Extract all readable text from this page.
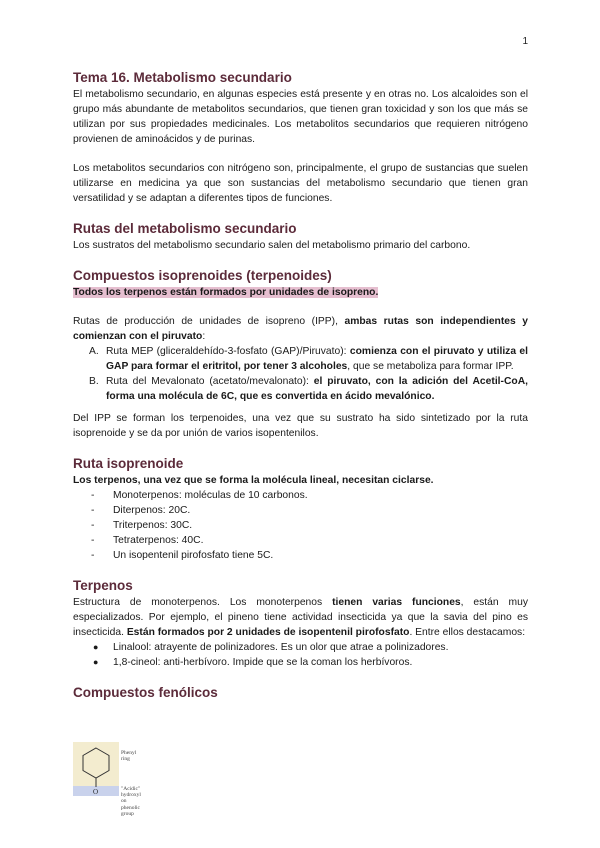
1
Tema 16. Metabolismo secundario

El metabolismo secundario, en algunas especies está presente y en otras no. Los alcaloides son el grupo más abundante de metabolitos secundarios, que tienen gran toxicidad y son los que más se utilizan por sus propiedades medicinales. Los metabolitos secundarios que requieren nitrógeno provienen de aminoácidos y de purinas.

Los metabolitos secundarios con nitrógeno son, principalmente, el grupo de sustancias que suelen utilizarse en medicina ya que son sustancias del metabolismo secundario que tienen gran versatilidad y se adaptan a diferentes tipos de funciones.

Rutas del metabolismo secundario

Los sustratos del metabolismo secundario salen del metabolismo primario del carbono.

Compuestos isoprenoides (terpenoides)

Todos los terpenos están formados por unidades de isopreno.

Rutas de producción de unidades de isopreno (IPP), ambas rutas son independientes y comienzan con el piruvato:

A. Ruta MEP (gliceraldehído-3-fosfato (GAP)/Piruvato): comienza con el piruvato y utiliza el GAP para formar el eritritol, por tener 3 alcoholes, que se metaboliza para formar IPP.
B. Ruta del Mevalonato (acetato/mevalonato): el piruvato, con la adición del Acetil-CoA, forma una molécula de 6C, que es convertida en ácido mevalónico.

Del IPP se forman los terpenoides, una vez que su sustrato ha sido sintetizado por la ruta isoprenoide y se da por unión de varios isopentenilos.

Ruta isoprenoide

Los terpenos, una vez que se forma la molécula lineal, necesitan ciclarse.

- Monoterpenos: moléculas de 10 carbonos.
- Diterpenos: 20C.
- Triterpenos: 30C.
- Tetraterpenos: 40C.
- Un isopentenil pirofosfato tiene 5C.
Terpenos

Estructura de monoterpenos. Los monoterpenos tienen varias funciones, están muy especializados. Por ejemplo, el pineno tiene actividad insecticida ya que la savia del pino es insecticida. Están formados por 2 unidades de isopentenil pirofosfato. Entre ellos destacamos:

● Linalool: atrayente de polinizadores. Es un olor que atrae a polinizadores.
● 1,8-cineol: anti-herbívoro. Impide que se la coman los herbívoros.
Compuestos fenólicos
O
Phenyl ring
"Acidic" hydroxyl on phenolic group
